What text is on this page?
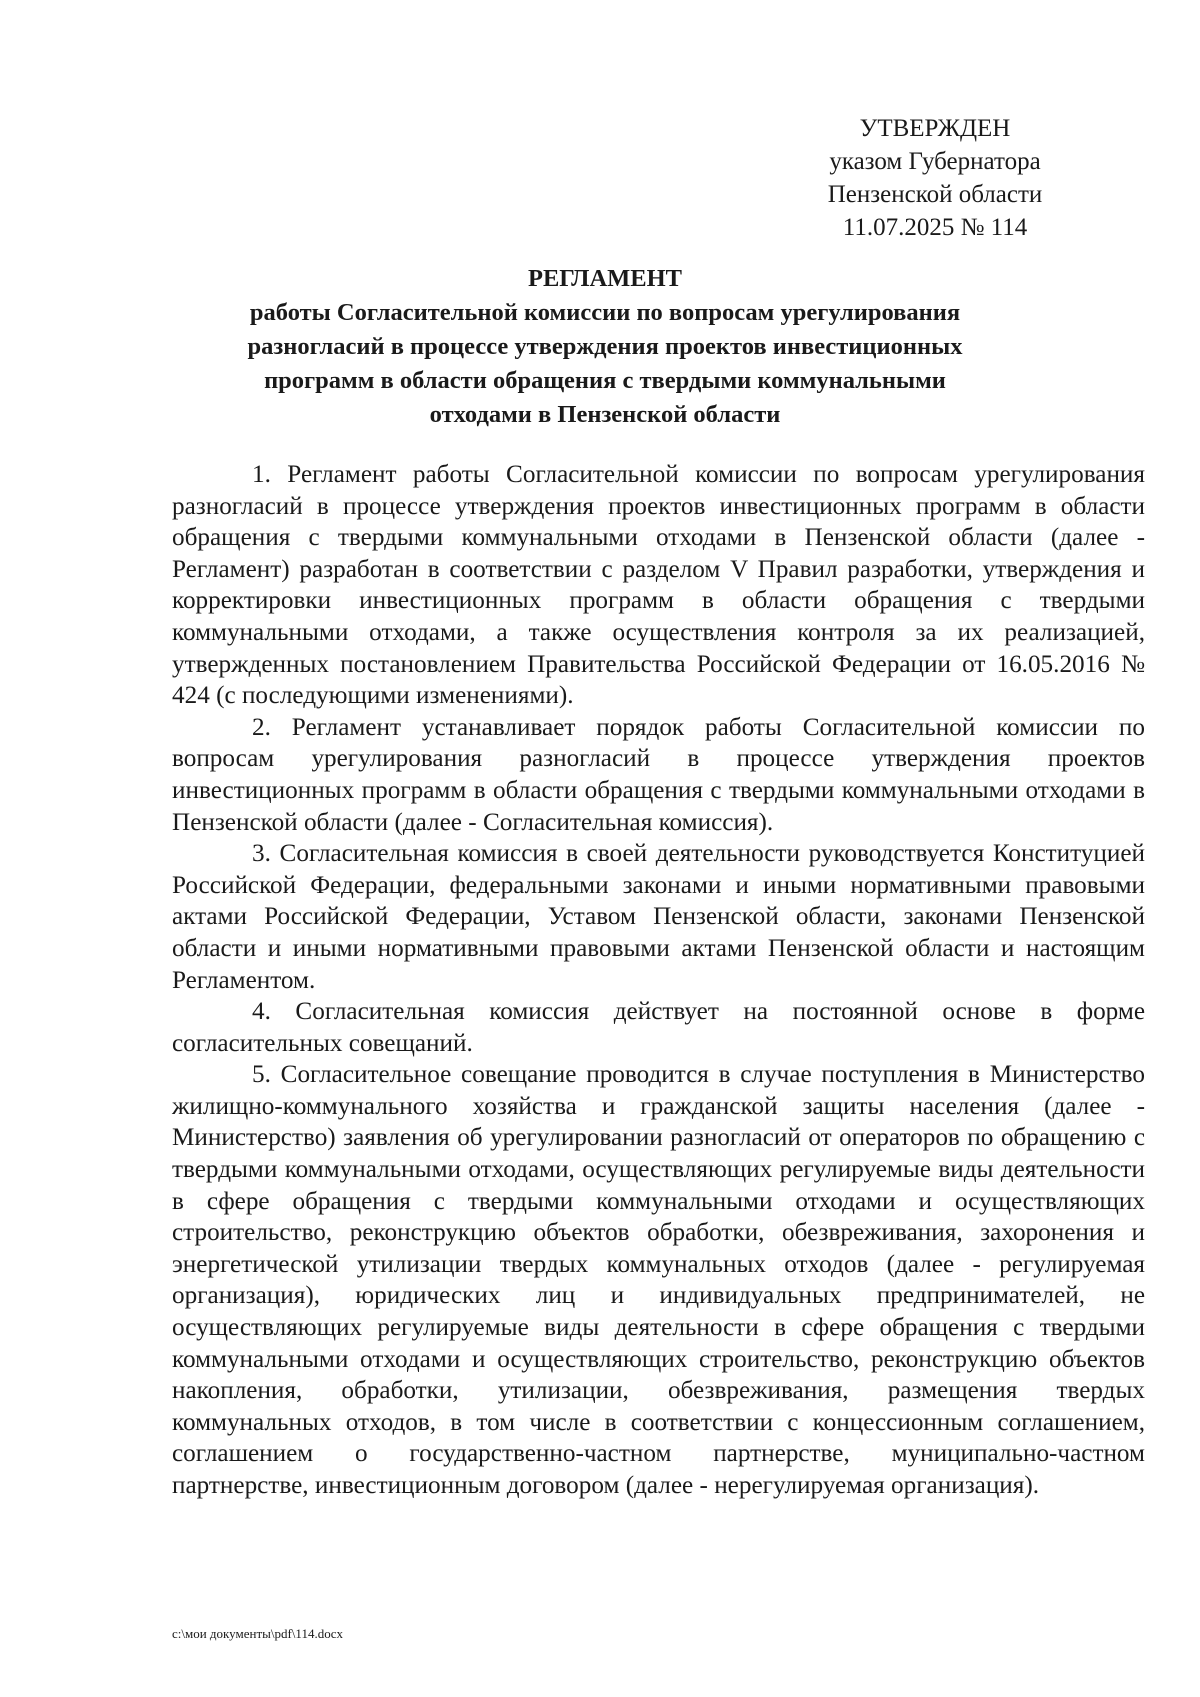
УТВЕРЖДЕН
указом Губернатора
Пензенской области
11.07.2025 № 114
РЕГЛАМЕНТ
работы Согласительной комиссии по вопросам урегулирования
разногласий в процессе утверждения проектов инвестиционных
программ в области обращения с твердыми коммунальными
отходами в Пензенской области

1. Регламент работы Согласительной комиссии по вопросам урегулирования разногласий в процессе утверждения проектов инвестиционных программ в области обращения с твердыми коммунальными отходами в Пензенской области (далее - Регламент) разработан в соответствии с разделом V Правил разработки, утверждения и корректировки инвестиционных программ в области обращения с твердыми коммунальными отходами, а также осуществления контроля за их реализацией, утвержденных постановлением Правительства Российской Федерации от 16.05.2016 № 424 (с последующими изменениями).

2. Регламент устанавливает порядок работы Согласительной комиссии по вопросам урегулирования разногласий в процессе утверждения проектов инвестиционных программ в области обращения с твердыми коммунальными отходами в Пензенской области (далее - Согласительная комиссия).

3. Согласительная комиссия в своей деятельности руководствуется Конституцией Российской Федерации, федеральными законами и иными нормативными правовыми актами Российской Федерации, Уставом Пензенской области, законами Пензенской области и иными нормативными правовыми актами Пензенской области и настоящим Регламентом.

4. Согласительная комиссия действует на постоянной основе в форме согласительных совещаний.

5. Согласительное совещание проводится в случае поступления в Министерство жилищно-коммунального хозяйства и гражданской защиты населения (далее - Министерство) заявления об урегулировании разногласий от операторов по обращению с твердыми коммунальными отходами, осуществляющих регулируемые виды деятельности в сфере обращения с твердыми коммунальными отходами и осуществляющих строительство, реконструкцию объектов обработки, обезвреживания, захоронения и энергетической утилизации твердых коммунальных отходов (далее - регулируемая организация), юридических лиц и индивидуальных предпринимателей, не осуществляющих регулируемые виды деятельности в сфере обращения с твердыми коммунальными отходами и осуществляющих строительство, реконструкцию объектов накопления, обработки, утилизации, обезвреживания, размещения твердых коммунальных отходов, в том числе в соответствии с концессионным соглашением, соглашением о государственно-частном партнерстве, муниципально-частном партнерстве, инвестиционным договором (далее - нерегулируемая организация).

c:\мои документы\pdf\114.docx
